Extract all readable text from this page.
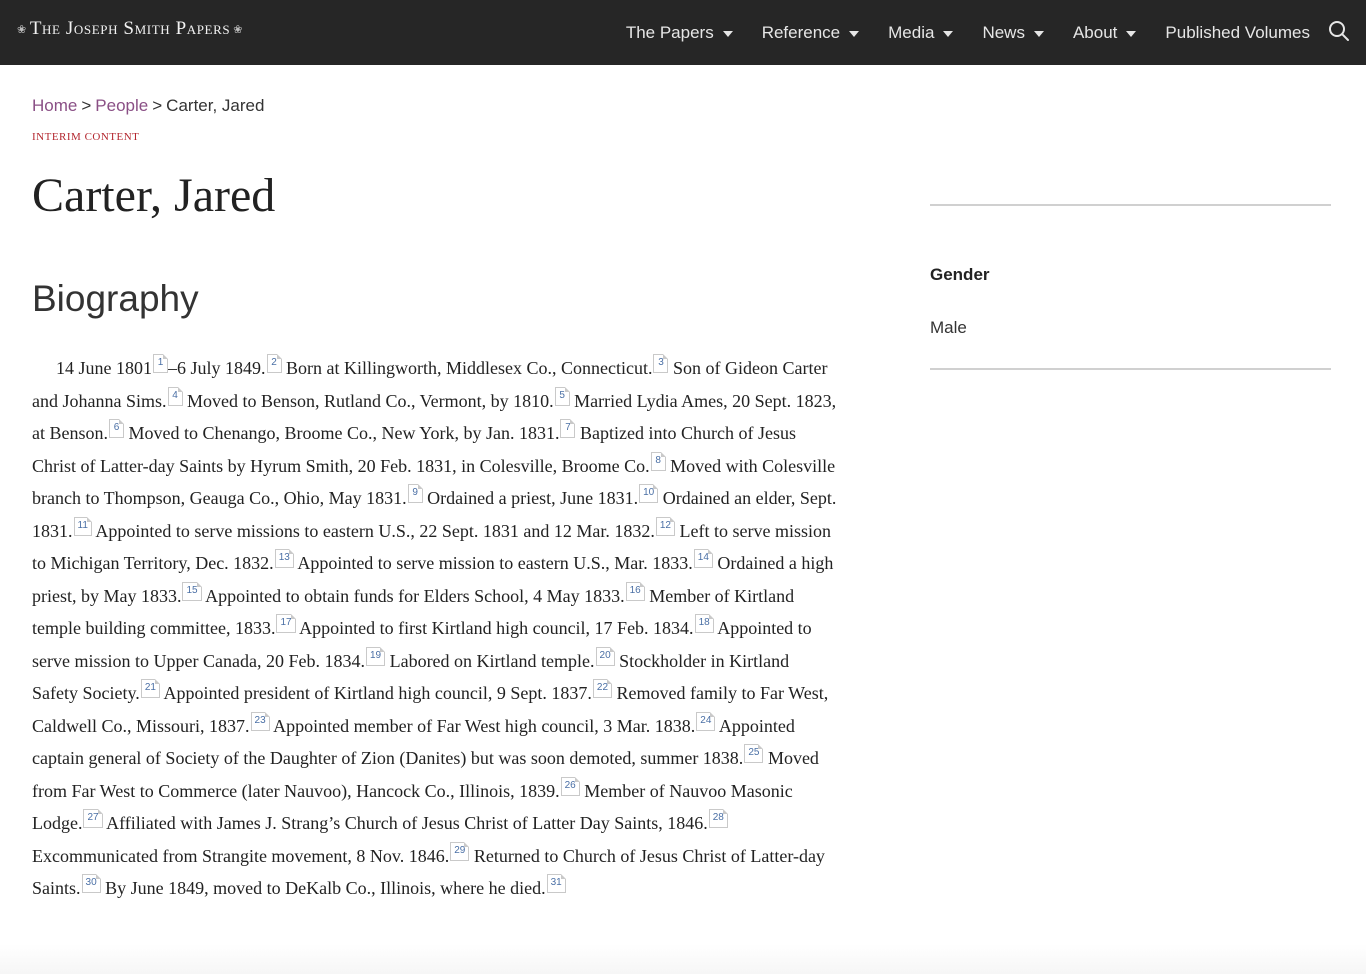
❀ The Joseph Smith Papers ❀	The Papers	Reference	Media	News	About	Published Volumes
Home > People > Carter, Jared
INTERIM CONTENT
Carter, Jared
Biography

14 June 1801 1 –6 July 1849. 2 Born at Killingworth, Middlesex Co., Connecticut. 3 Son of Gideon Carter and Johanna Sims. 4 Moved to Benson, Rutland Co., Vermont, by 1810. 5 Married Lydia Ames, 20 Sept. 1823, at Benson. 6 Moved to Chenango, Broome Co., New York, by Jan. 1831. 7 Baptized into Church of Jesus Christ of Latter-day Saints by Hyrum Smith, 20 Feb. 1831, in Colesville, Broome Co. 8 Moved with Colesville branch to Thompson, Geauga Co., Ohio, May 1831. 9 Ordained a priest, June 1831. 10 Ordained an elder, Sept. 1831. 11 Appointed to serve missions to eastern U.S., 22 Sept. 1831 and 12 Mar. 1832. 12 Left to serve mission to Michigan Territory, Dec. 1832. 13 Appointed to serve mission to eastern U.S., Mar. 1833. 14 Ordained a high priest, by May 1833. 15 Appointed to obtain funds for Elders School, 4 May 1833. 16 Member of Kirtland temple building committee, 1833. 17 Appointed to first Kirtland high council, 17 Feb. 1834. 18 Appointed to serve mission to Upper Canada, 20 Feb. 1834. 19 Labored on Kirtland temple. 20 Stockholder in Kirtland Safety Society. 21 Appointed president of Kirtland high council, 9 Sept. 1837. 22 Removed family to Far West, Caldwell Co., Missouri, 1837. 23 Appointed member of Far West high council, 3 Mar. 1838. 24 Appointed captain general of Society of the Daughter of Zion (Danites) but was soon demoted, summer 1838. 25 Moved from Far West to Commerce (later Nauvoo), Hancock Co., Illinois, 1839. 26 Member of Nauvoo Masonic Lodge. 27 Affiliated with James J. Strang’s Church of Jesus Christ of Latter Day Saints, 1846. 28 Excommunicated from Strangite movement, 8 Nov. 1846. 29 Returned to Church of Jesus Christ of Latter-day Saints. 30 By June 1849, moved to DeKalb Co., Illinois, where he died. 31

Gender
Male
